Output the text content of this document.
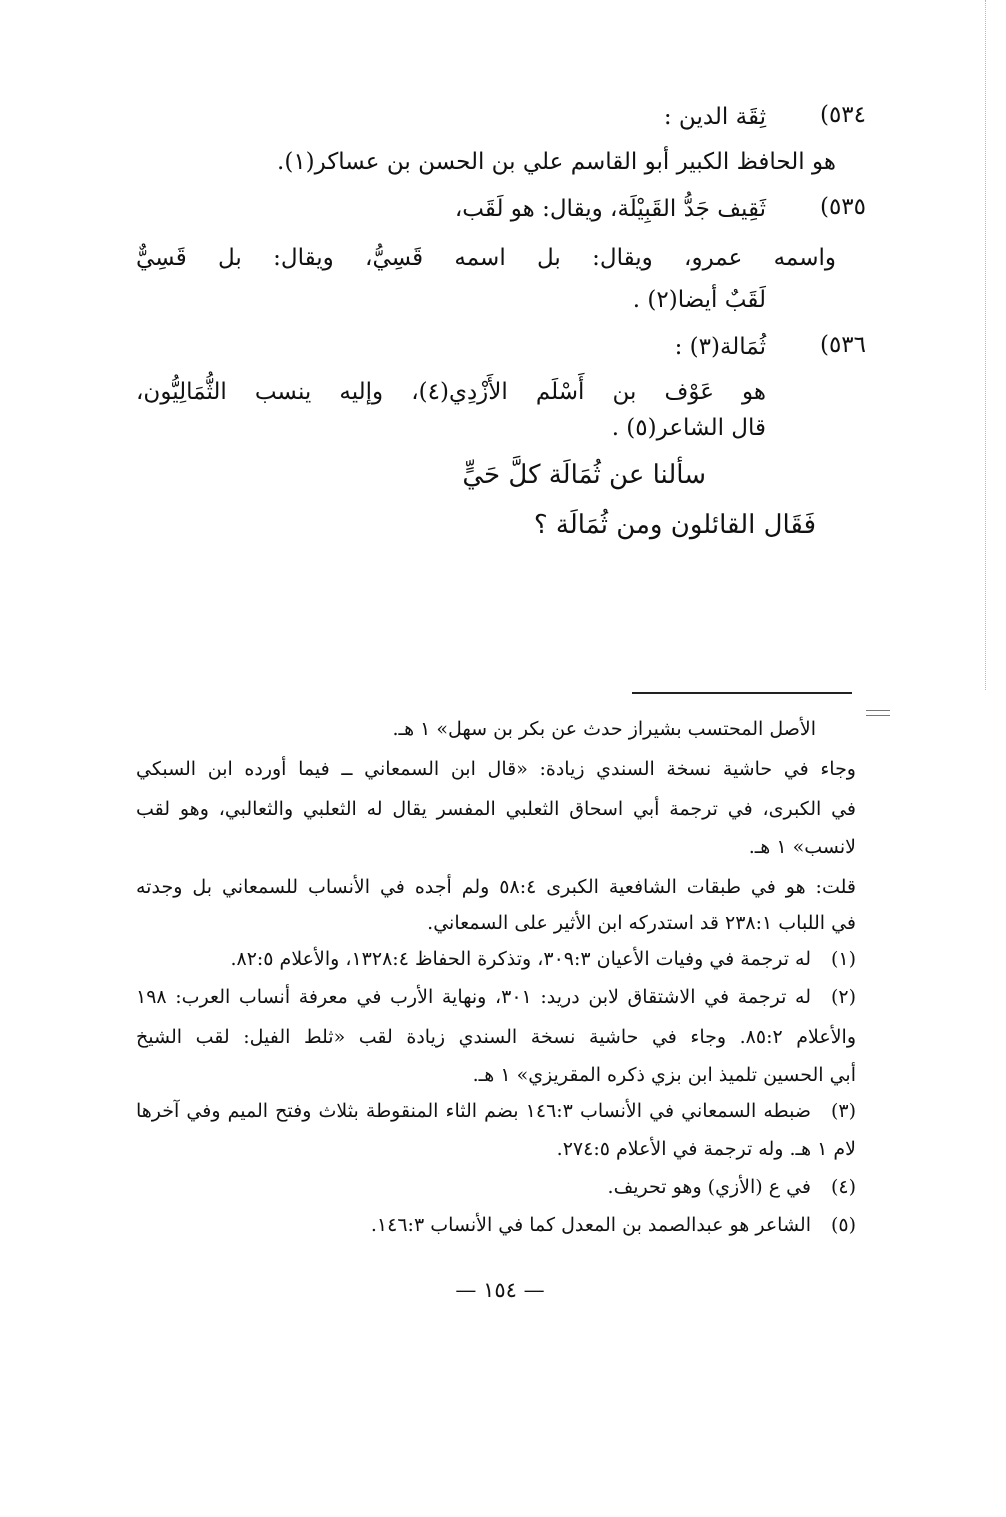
٥٣٤)
ثِقَة الدين :
هو الحافظ الكبير أبو القاسم علي بن الحسن بن عساكر(١).
٥٣٥)
ثَقِيف جَدُّ القَبِيْلَة، ويقال: هو لَقَب،
واسمه عمرو، ويقال: بل اسمه قَسِيُّ، ويقال: بل قَسِيٌّ
لَقَبٌ أيضا(٢) .
٥٣٦)
ثُمَالة(٣) :
هو عَوْف بن أَسْلَم الأَزْدِي(٤)، وإليه ينسب الثُّمَالِيُّون،
قال الشاعر(٥) .
سألنا عن ثُمَالَة كلَّ حَيٍّ
فَقَال القائلون ومن ثُمَالَة ؟
الأصل المحتسب بشيراز حدث عن بكر بن سهل» ١ هـ.
وجاء في حاشية نسخة السندي زيادة: «قال ابن السمعاني ــ فيما أورده ابن السبكي
في الكبرى، في ترجمة أبي اسحاق الثعلبي المفسر يقال له الثعلبي والثعالبي، وهو لقب
لانسب» ١ هـ.
قلت: هو في طبقات الشافعية الكبرى ٥٨:٤ ولم أجده في الأنساب للسمعاني بل وجدته
في اللباب ٢٣٨:١ قد استدركه ابن الأثير على السمعاني.
(١)
له ترجمة في وفيات الأعيان ٣٠٩:٣، وتذكرة الحفاظ ١٣٢٨:٤، والأعلام ٨٢:٥.
(٢)
له ترجمة في الاشتقاق لابن دريد: ٣٠١، ونهاية الأرب في معرفة أنساب العرب: ١٩٨
والأعلام ٨٥:٢. وجاء في حاشية نسخة السندي زيادة لقب «ثلط الفيل: لقب الشيخ
أبي الحسين تلميذ ابن بزي ذكره المقريزي» ١ هـ.
(٣)
ضبطه السمعاني في الأنساب ١٤٦:٣ بضم الثاء المنقوطة بثلاث وفتح الميم وفي آخرها
لام ١ هـ. وله ترجمة في الأعلام ٢٧٤:٥.
(٤)
في ع (الأزي) وهو تحريف.
(٥)
الشاعر هو عبدالصمد بن المعدل كما في الأنساب ١٤٦:٣.
— ١٥٤ —
